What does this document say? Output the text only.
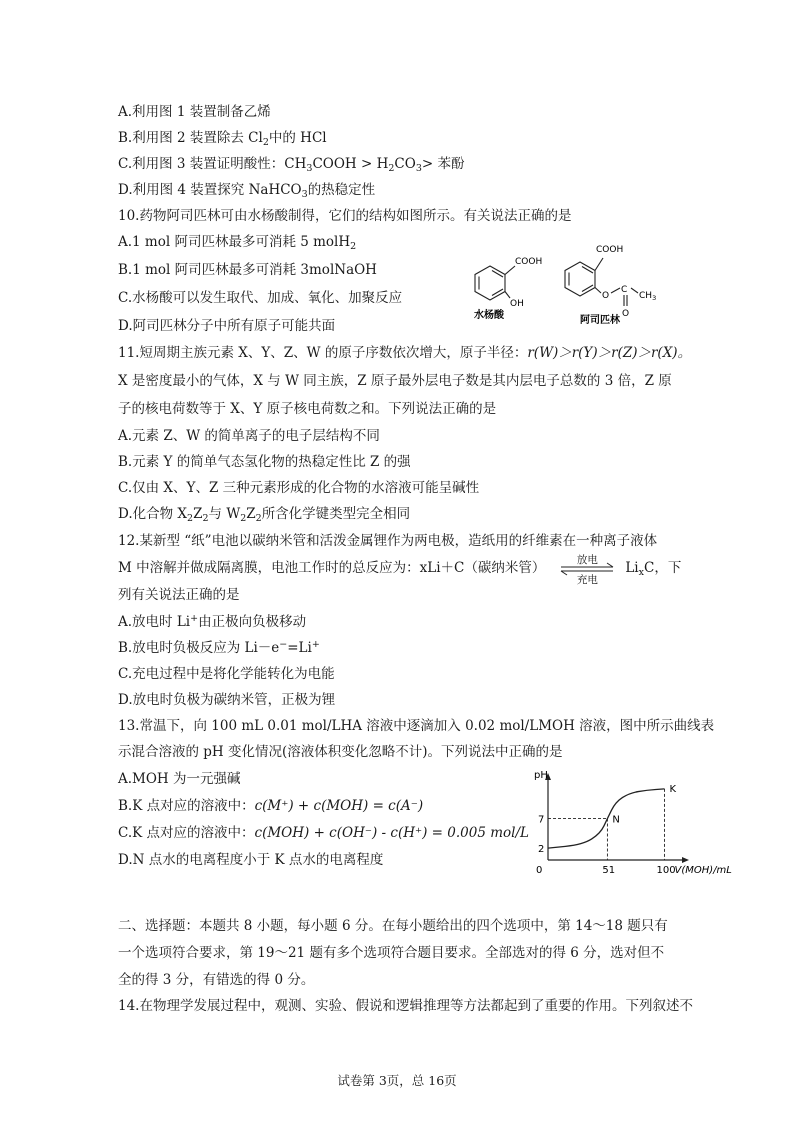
A.利用图 1 装置制备乙烯
B.利用图 2 装置除去 $Cl_2$中的 HCl
C.利用图 3 装置证明酸性：$CH_3COOH > H_2CO_3>$ 苯酚
D.利用图 4 装置探究 NaHCO$_3$的热稳定性
10.药物阿司匹林可由水杨酸制得，它们的结构如图所示。有关说法正确的是
A.1 mol 阿司匹林最多可消耗 5 molH$_2$
B.1 mol 阿司匹林最多可消耗 3molNaOH
C.水杨酸可以发生取代、加成、氧化、加聚反应
D.阿司匹林分子中所有原子可能共面
COOH
OH
水杨酸
COOH
O
C
$CH_3$
O
阿司匹林
11.短周期主族元素 X、Y、Z、W 的原子序数依次增大，原子半径：r(W)＞r(Y)＞r(Z)＞r(X)。
X 是密度最小的气体，X 与 W 同主族，Z 原子最外层电子数是其内层电子总数的 3 倍，Z 原
子的核电荷数等于 X、Y 原子核电荷数之和。下列说法正确的是
A.元素 Z、W 的简单离子的电子层结构不同
B.元素 Y 的简单气态氢化物的热稳定性比 Z 的强
C.仅由 X、Y、Z 三种元素形成的化合物的水溶液可能呈碱性
D.化合物 $X_2Z_2$与 $W_2Z_2$所含化学键类型完全相同
12.某新型 “纸”电池以碳纳米管和活泼金属锂作为两电极，造纸用的纤维素在一种离子液体
M 中溶解并做成隔离膜，电池工作时的总反应为：xLi＋C（碳纳米管）
放电
充电
$Li_xC$，下
列有关说法正确的是
A.放电时 Li+由正极向负极移动
B.放电时负极反应为 Li－e−=Li+
C.充电过程中是将化学能转化为电能
D.放电时负极为碳纳米管，正极为锂
13.常温下，向 100 mL 0.01 mol/LHA 溶液中逐滴加入 0.02 mol/LMOH 溶液，图中所示曲线表
示混合溶液的 pH 变化情况(溶液体积变化忽略不计)。下列说法中正确的是
A.MOH 为一元强碱
B.K 点对应的溶液中：c(M⁺) + c(MOH) = c(A⁻)
C.K 点对应的溶液中：c(MOH) + c(OH⁻) - c(H⁺) = 0.005 mol/L
D.N 点水的电离程度小于 K 点水的电离程度
pH
V(MOH)/mL
0	51	100
2
7	N
K
二、选择题：本题共 8 小题，每小题 6 分。在每小题给出的四个选项中，第 14～18 题只有
一个选项符合要求，第 19～21 题有多个选项符合题目要求。全部选对的得 6 分，选对但不
全的得 3 分，有错选的得 0 分。
14.在物理学发展过程中，观测、实验、假说和逻辑推理等方法都起到了重要的作用。下列叙述不
试卷第 3页，总 16页
